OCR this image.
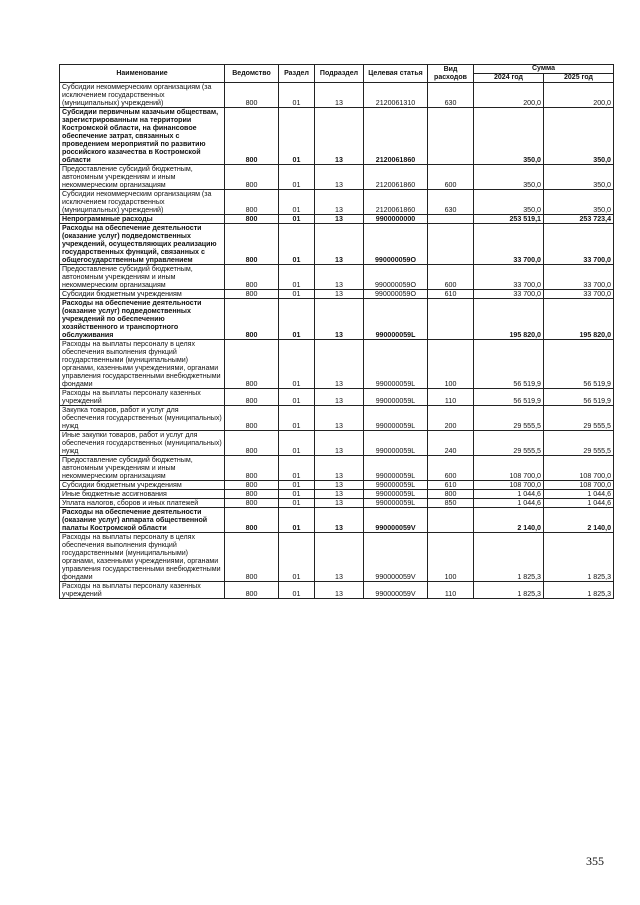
Наименование	Ведомство	Раздел	Подраздел	Целевая статья	Вид расходов	Сумма	
						2024 год	2025 год
Субсидии некоммерческим организациям (за исключением государственных (муниципальных) учреждений)	800	01	13	2120061310	630	200,0	200,0
Субсидии первичным казачьим обществам, зарегистрированным на территории Костромской области, на финансовое обеспечение затрат, связанных с проведением мероприятий по развитию российского казачества в Костромской области	800	01	13	2120061860		350,0	350,0
Предоставление субсидий бюджетным, автономным учреждениям и иным некоммерческим организациям	800	01	13	2120061860	600	350,0	350,0
Субсидии некоммерческим организациям (за исключением государственных (муниципальных) учреждений)	800	01	13	2120061860	630	350,0	350,0
Непрограммные расходы	800	01	13	9900000000		253 519,1	253 723,4
Расходы на обеспечение деятельности (оказание услуг) подведомственных учреждений, осуществляющих реализацию государственных функций, связанных с общегосударственным управлением	800	01	13	990000059О		33 700,0	33 700,0
Предоставление субсидий бюджетным, автономным учреждениям и иным некоммерческим организациям	800	01	13	990000059О	600	33 700,0	33 700,0
Субсидии бюджетным учреждениям	800	01	13	990000059О	610	33 700,0	33 700,0
Расходы на обеспечение деятельности (оказание услуг) подведомственных учреждений по обеспечению хозяйственного и транспортного обслуживания	800	01	13	990000059L		195 820,0	195 820,0
Расходы на выплаты персоналу в целях обеспечения выполнения функций государственными (муниципальными) органами, казенными учреждениями, органами управления государственными внебюджетными фондами	800	01	13	990000059L	100	56 519,9	56 519,9
Расходы на выплаты персоналу казенных учреждений	800	01	13	990000059L	110	56 519,9	56 519,9
Закупка товаров, работ и услуг для обеспечения государственных (муниципальных) нужд	800	01	13	990000059L	200	29 555,5	29 555,5
Иные закупки товаров, работ и услуг для обеспечения государственных (муниципальных) нужд	800	01	13	990000059L	240	29 555,5	29 555,5
Предоставление субсидий бюджетным, автономным учреждениям и иным некоммерческим организациям	800	01	13	990000059L	600	108 700,0	108 700,0
Субсидии бюджетным учреждениям	800	01	13	990000059L	610	108 700,0	108 700,0
Иные бюджетные ассигнования	800	01	13	990000059L	800	1 044,6	1 044,6
Уплата налогов, сборов и иных платежей	800	01	13	990000059L	850	1 044,6	1 044,6
Расходы на обеспечение деятельности (оказание услуг) аппарата общественной палаты Костромской области	800	01	13	990000059V		2 140,0	2 140,0
Расходы на выплаты персоналу в целях обеспечения выполнения функций государственными (муниципальными) органами, казенными учреждениями, органами управления государственными внебюджетными фондами	800	01	13	990000059V	100	1 825,3	1 825,3
Расходы на выплаты персоналу казенных учреждений	800	01	13	990000059V	110	1 825,3	1 825,3
355
